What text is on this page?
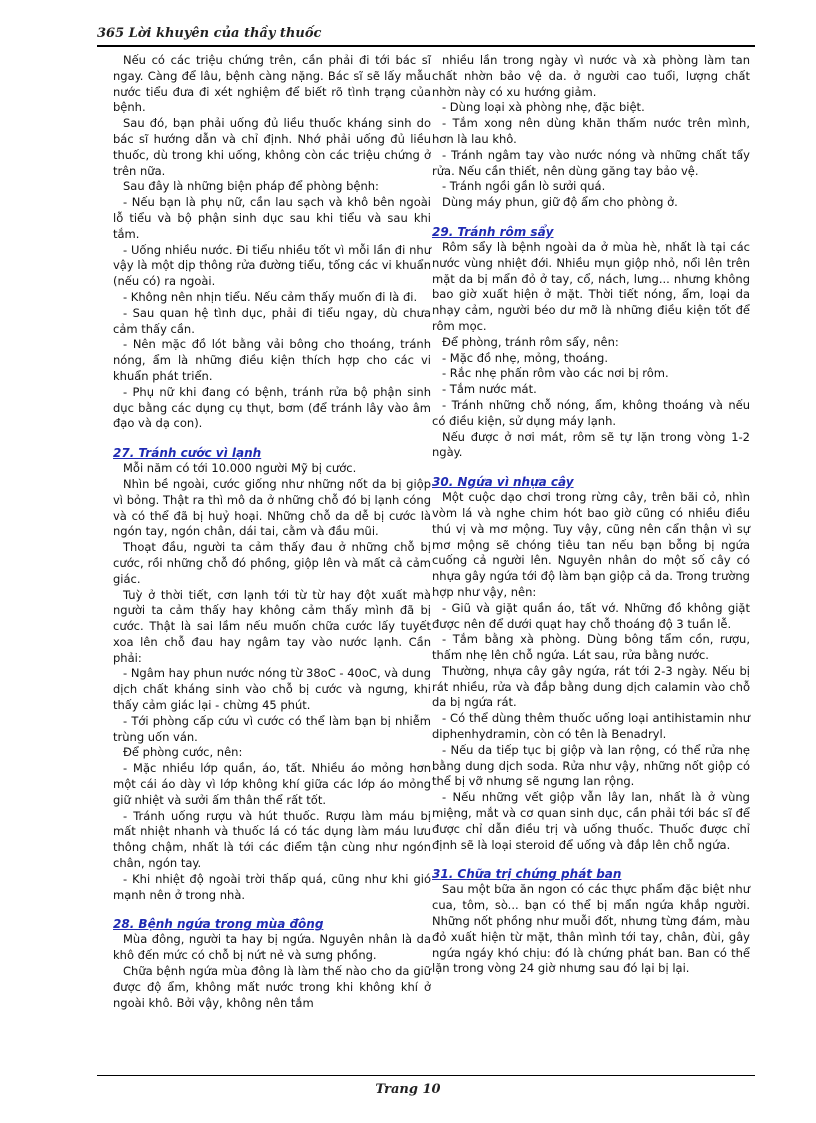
365 Lời khuyên của thầy thuốc

Nếu có các triệu chứng trên, cần phải đi tới bác sĩ ngay. Càng để lâu, bệnh càng nặng. Bác sĩ sẽ lấy mẫu nước tiểu đưa đi xét nghiệm để biết rõ tình trạng của bệnh.

Sau đó, bạn phải uống đủ liều thuốc kháng sinh do bác sĩ hướng dẫn và chỉ định. Nhớ phải uống đủ liều thuốc, dù trong khi uống, không còn các triệu chứng ở trên nữa.

Sau đây là những biện pháp để phòng bệnh:

- Nếu bạn là phụ nữ, cần lau sạch và khô bên ngoài lỗ tiểu và bộ phận sinh dục sau khi tiểu và sau khi tắm.

- Uống nhiều nước. Đi tiểu nhiều tốt vì mỗi lần đi như vậy là một dịp thông rửa đường tiểu, tống các vi khuẩn (nếu có) ra ngoài.

- Không nên nhịn tiểu. Nếu cảm thấy muốn đi là đi.

- Sau quan hệ tình dục, phải đi tiểu ngay, dù chưa cảm thấy cần.

- Nên mặc đồ lót bằng vải bông cho thoáng, tránh nóng, ẩm là những điều kiện thích hợp cho các vi khuẩn phát triển.

- Phụ nữ khi đang có bệnh, tránh rửa bộ phận sinh dục bằng các dụng cụ thụt, bơm (để tránh lây vào âm đạo và dạ con).

27. Tránh cước vì lạnh

Mỗi năm có tới 10.000 người Mỹ bị cước.

Nhìn bề ngoài, cước giống như những nốt da bị giộp vì bỏng. Thật ra thì mô da ở những chỗ đó bị lạnh cóng và có thể đã bị huỷ hoại. Những chỗ da dễ bị cước là ngón tay, ngón chân, dái tai, cằm và đầu mũi.

Thoạt đầu, người ta cảm thấy đau ở những chỗ bị cước, rồi những chỗ đó phồng, giộp lên và mất cả cảm giác.

Tuỳ ở thời tiết, cơn lạnh tới từ từ hay đột xuất mà người ta cảm thấy hay không cảm thấy mình đã bị cước. Thật là sai lầm nếu muốn chữa cước lấy tuyết xoa lên chỗ đau hay ngâm tay vào nước lạnh. Cần phải:

- Ngâm hay phun nước nóng từ 38oC - 40oC, và dung dịch chất kháng sinh vào chỗ bị cước và ngưng, khi thấy cảm giác lại - chừng 45 phút.

- Tới phòng cấp cứu vì cước có thể làm bạn bị nhiễm trùng uốn ván.

Để phòng cước, nên:

- Mặc nhiều lớp quần, áo, tất. Nhiều áo mỏng hơn một cái áo dày vì lớp không khí giữa các lớp áo mỏng giữ nhiệt và sưởi ấm thân thể rất tốt.

- Tránh uống rượu và hút thuốc. Rượu làm máu bị mất nhiệt nhanh và thuốc lá có tác dụng làm máu lưu thông chậm, nhất là tới các điểm tận cùng như ngón chân, ngón tay.

- Khi nhiệt độ ngoài trời thấp quá, cũng như khi gió mạnh nên ở trong nhà.

28. Bệnh ngứa trong mùa đông

Mùa đông, người ta hay bị ngứa. Nguyên nhân là da khô đến mức có chỗ bị nứt nẻ và sưng phồng.

Chữa bệnh ngứa mùa đông là làm thế nào cho da giữ được độ ẩm, không mất nước trong khi không khí ở ngoài khô. Bởi vậy, không nên tắm

nhiều lần trong ngày vì nước và xà phòng làm tan chất nhờn bảo vệ da. ở người cao tuổi, lượng chất nhờn này có xu hướng giảm.

- Dùng loại xà phòng nhẹ, đặc biệt.

- Tắm xong nên dùng khăn thấm nước trên mình, hơn là lau khô.

- Tránh ngâm tay vào nước nóng và những chất tẩy rửa. Nếu cần thiết, nên dùng găng tay bảo vệ.

- Tránh ngồi gần lò sưởi quá.

Dùng máy phun, giữ độ ẩm cho phòng ở.

29. Tránh rôm sẩy

Rôm sẩy là bệnh ngoài da ở mùa hè, nhất là tại các nước vùng nhiệt đới. Nhiều mụn giộp nhỏ, nổi lên trên mặt da bị mẩn đỏ ở tay, cổ, nách, lưng... nhưng không bao giờ xuất hiện ở mặt. Thời tiết nóng, ẩm, loại da nhạy cảm, người béo dư mỡ là những điều kiện tốt để rôm mọc.

Để phòng, tránh rôm sẩy, nên:

- Mặc đồ nhẹ, mỏng, thoáng.

- Rắc nhẹ phấn rôm vào các nơi bị rôm.

- Tắm nước mát.

- Tránh những chỗ nóng, ẩm, không thoáng và nếu có điều kiện, sử dụng máy lạnh.

Nếu được ở nơi mát, rôm sẽ tự lặn trong vòng 1-2 ngày.

30. Ngứa vì nhựa cây

Một cuộc dạo chơi trong rừng cây, trên bãi cỏ, nhìn vòm lá và nghe chim hót bao giờ cũng có nhiều điều thú vị và mơ mộng. Tuy vậy, cũng nên cẩn thận vì sự mơ mộng sẽ chóng tiêu tan nếu bạn bỗng bị ngứa cuống cả người lên. Nguyên nhân do một số cây có nhựa gây ngứa tới độ làm bạn giộp cả da. Trong trường hợp như vậy, nên:

- Giũ và giặt quần áo, tất vớ. Những đồ không giặt được nên để dưới quạt hay chỗ thoáng độ 3 tuần lễ.

- Tắm bằng xà phòng. Dùng bông tẩm cồn, rượu, thấm nhẹ lên chỗ ngứa. Lát sau, rửa bằng nước.

Thường, nhựa cây gây ngứa, rát tới 2-3 ngày. Nếu bị rát nhiều, rửa và đắp bằng dung dịch calamin vào chỗ da bị ngứa rát.

- Có thể dùng thêm thuốc uống loại antihistamin như diphenhydramin, còn có tên là Benadryl.

- Nếu da tiếp tục bị giộp và lan rộng, có thể rửa nhẹ bằng dung dịch soda. Rửa như vậy, những nốt giộp có thể bị vỡ nhưng sẽ ngưng lan rộng.

- Nếu những vết giộp vẫn lây lan, nhất là ở vùng miệng, mắt và cơ quan sinh dục, cần phải tới bác sĩ để được chỉ dẫn điều trị và uống thuốc. Thuốc được chỉ định sẽ là loại steroid để uống và đắp lên chỗ ngứa.

31. Chữa trị chứng phát ban

Sau một bữa ăn ngon có các thực phẩm đặc biệt như cua, tôm, sò... bạn có thể bị mẩn ngứa khắp người. Những nốt phồng như muỗi đốt, nhưng từng đám, màu đỏ xuất hiện từ mặt, thân mình tới tay, chân, đùi, gây ngứa ngáy khó chịu: đó là chứng phát ban. Ban có thể lặn trong vòng 24 giờ nhưng sau đó lại bị lại.

Trang 10
